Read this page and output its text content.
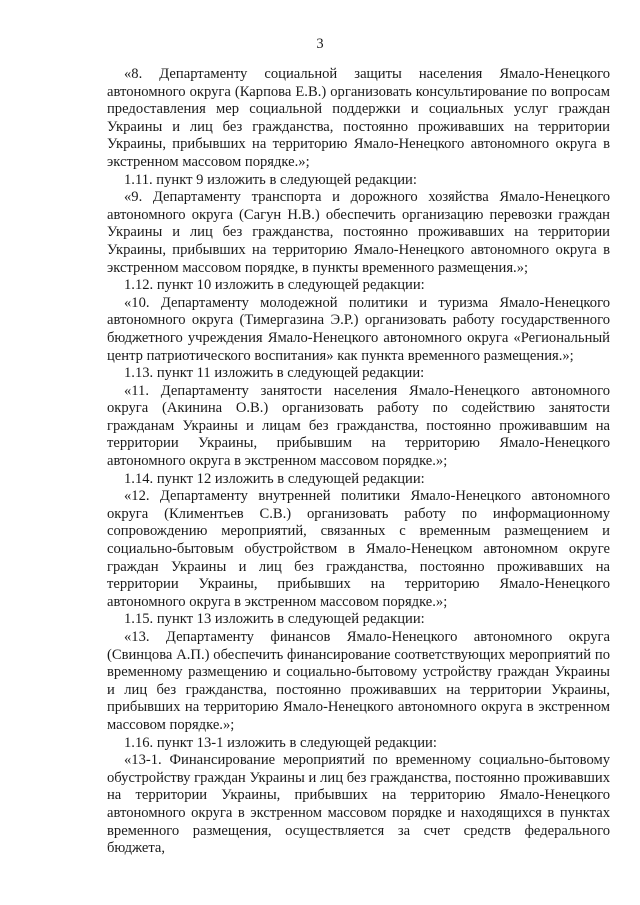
3

«8. Департаменту социальной защиты населения Ямало-Ненецкого автономного округа (Карпова Е.В.) организовать консультирование по вопросам предоставления мер социальной поддержки и социальных услуг граждан Украины и лиц без гражданства, постоянно проживавших на территории Украины, прибывших на территорию Ямало-Ненецкого автономного округа в экстренном массовом порядке.»;

1.11. пункт 9 изложить в следующей редакции:

«9. Департаменту транспорта и дорожного хозяйства Ямало-Ненецкого автономного округа (Сагун Н.В.) обеспечить организацию перевозки граждан Украины и лиц без гражданства, постоянно проживавших на территории Украины, прибывших на территорию Ямало-Ненецкого автономного округа в экстренном массовом порядке, в пункты временного размещения.»;

1.12. пункт 10 изложить в следующей редакции:

«10. Департаменту молодежной политики и туризма Ямало-Ненецкого автономного округа (Тимергазина Э.Р.) организовать работу государственного бюджетного учреждения Ямало-Ненецкого автономного округа «Региональный центр патриотического воспитания» как пункта временного размещения.»;

1.13. пункт 11 изложить в следующей редакции:

«11. Департаменту занятости населения Ямало-Ненецкого автономного округа (Акинина О.В.) организовать работу по содействию занятости гражданам Украины и лицам без гражданства, постоянно проживавшим на территории Украины, прибывшим на территорию Ямало-Ненецкого автономного округа в экстренном массовом порядке.»;

1.14. пункт 12 изложить в следующей редакции:

«12. Департаменту внутренней политики Ямало-Ненецкого автономного округа (Климентьев С.В.) организовать работу по информационному сопровождению мероприятий, связанных с временным размещением и социально-бытовым обустройством в Ямало-Ненецком автономном округе граждан Украины и лиц без гражданства, постоянно проживавших на территории Украины, прибывших на территорию Ямало-Ненецкого автономного округа в экстренном массовом порядке.»;

1.15. пункт 13 изложить в следующей редакции:

«13. Департаменту финансов Ямало-Ненецкого автономного округа (Свинцова А.П.) обеспечить финансирование соответствующих мероприятий по временному размещению и социально-бытовому устройству граждан Украины и лиц без гражданства, постоянно проживавших на территории Украины, прибывших на территорию Ямало-Ненецкого автономного округа в экстренном массовом порядке.»;

1.16. пункт 13-1 изложить в следующей редакции:

«13-1. Финансирование мероприятий по временному социально-бытовому обустройству граждан Украины и лиц без гражданства, постоянно проживавших на территории Украины, прибывших на территорию Ямало-Ненецкого автономного округа в экстренном массовом порядке и находящихся в пунктах временного размещения, осуществляется за счет средств федерального бюджета,
